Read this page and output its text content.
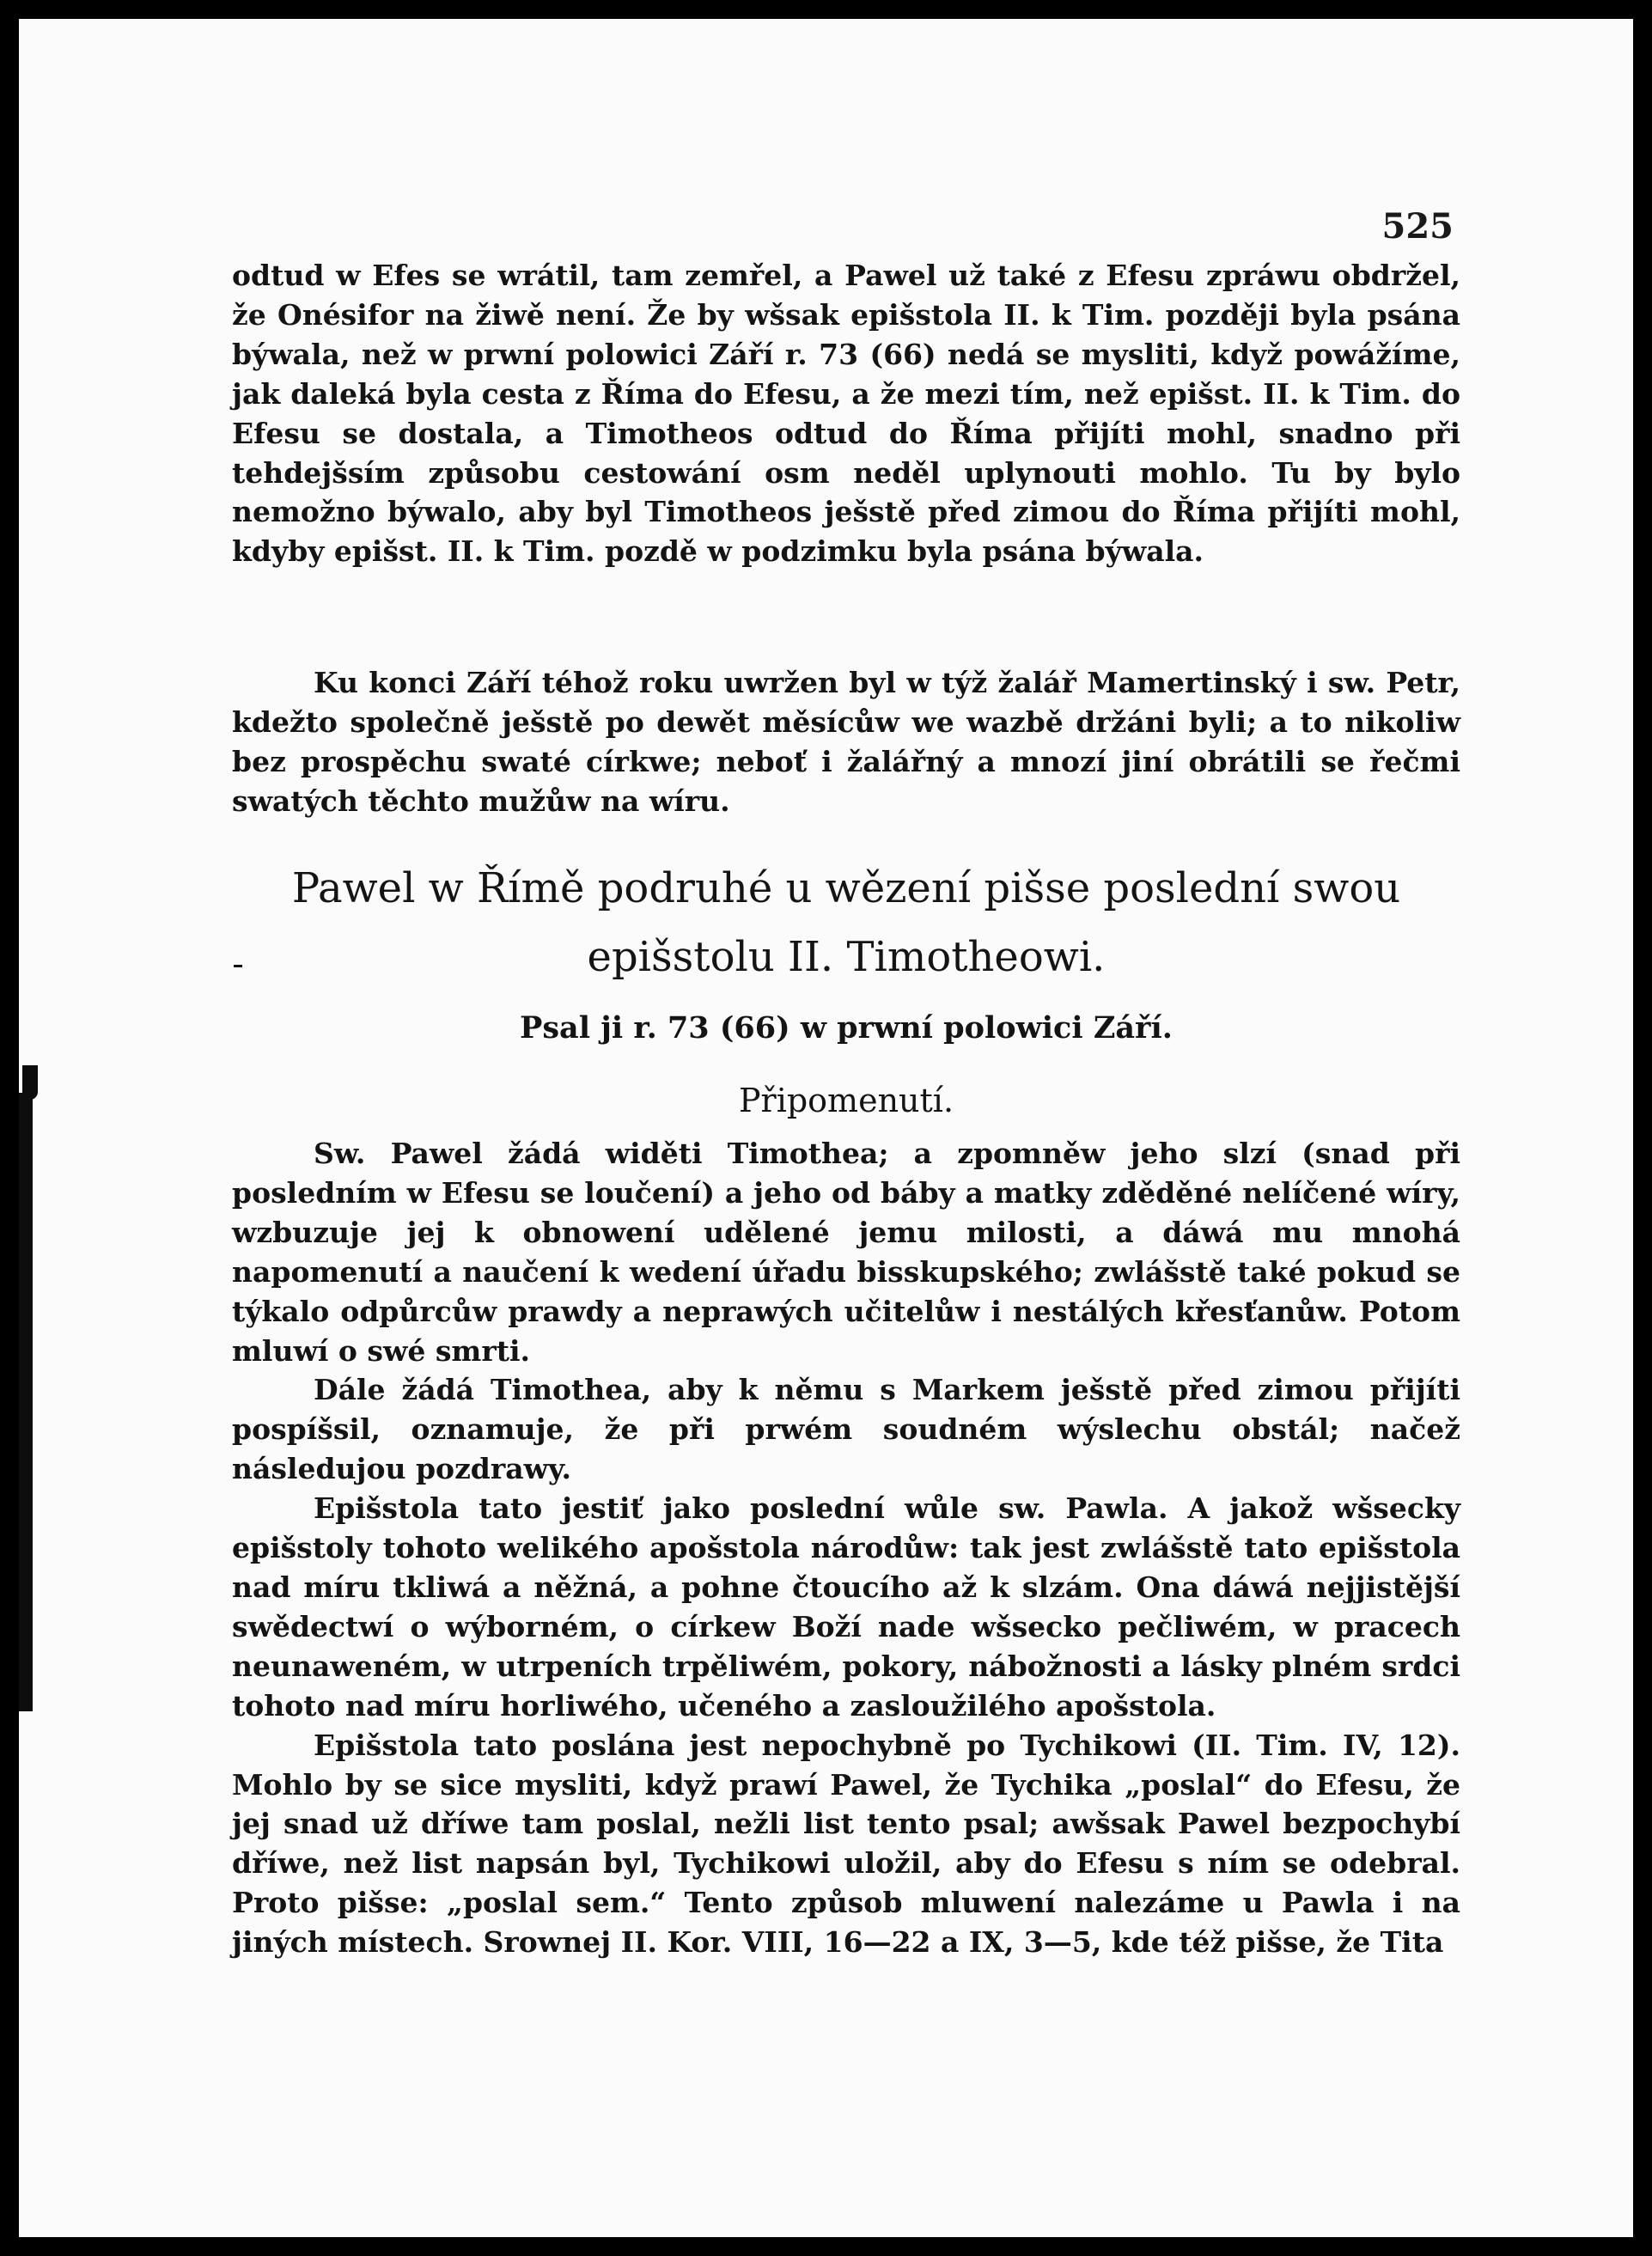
525

odtud w Efes se wrátil, tam zemřel, a Pawel už také z Efesu zpráwu obdržel, že Onésifor na žiwě není. Že by wšsak epišstola II. k Tim. později byla psána býwala, než w prwní polowici Září r. 73 (66) nedá se mysliti, když powážíme, jak daleká byla cesta z Říma do Efesu, a že mezi tím, než epišst. II. k Tim. do Efesu se dostala, a Timotheos odtud do Říma přijíti mohl, snadno při tehdejšsím způsobu cestowání osm neděl uplynouti mohlo. Tu by bylo nemožno býwalo, aby byl Timotheos ješstě před zimou do Říma přijíti mohl, kdyby epišst. II. k Tim. pozdě w podzimku byla psána býwala.

Ku konci Září téhož roku uwržen byl w týž žalář Mamertinský i sw. Petr, kdežto společně ješstě po dewět měsícůw we wazbě držáni byli; a to nikoliw bez prospěchu swaté církwe; neboť i žalářný a mnozí jiní obrátili se řečmi swatých těchto mužůw na wíru.

Pawel w Římě podruhé u wězení pišse poslední swou epišstolu II. Timotheowi.
Psal ji r. 73 (66) w prwní polowici Září.
Připomenutí.

Sw. Pawel žádá widěti Timothea; a zpomněw jeho slzí (snad při posledním w Efesu se loučení) a jeho od báby a matky zděděné nelíčené wíry, wzbuzuje jej k obnowení udělené jemu milosti, a dáwá mu mnohá napomenutí a naučení k wedení úřadu bisskupského; zwlášstě také pokud se týkalo odpůrcůw prawdy a neprawých učitelůw i nestálých křesťanůw. Potom mluwí o swé smrti.

Dále žádá Timothea, aby k němu s Markem ješstě před zimou přijíti pospíšsil, oznamuje, že při prwém soudném wýslechu obstál; načež následujou pozdrawy.

Epišstola tato jestiť jako poslední wůle sw. Pawla. A jakož wšsecky epišstoly tohoto welikého apošstola národůw: tak jest zwlášstě tato epišstola nad míru tkliwá a něžná, a pohne čtoucího až k slzám. Ona dáwá nejjistější swědectwí o wýborném, o církew Boží nade wšsecko pečliwém, w pracech neunaweném, w utrpeních trpěliwém, pokory, nábožnosti a lásky plném srdci tohoto nad míru horliwého, učeného a zasloužilého apošstola.

Epišstola tato poslána jest nepochybně po Tychikowi (II. Tim. IV, 12). Mohlo by se sice mysliti, když prawí Pawel, že Tychika „poslal“ do Efesu, že jej snad už dříwe tam poslal, nežli list tento psal; awšsak Pawel bezpochybí dříwe, než list napsán byl, Tychikowi uložil, aby do Efesu s ním se odebral. Proto pišse: „poslal sem.“ Tento způsob mluwení nalezáme u Pawla i na jiných místech. Srownej II. Kor. VIII, 16—22 a IX, 3—5, kde též pišse, že Tita
